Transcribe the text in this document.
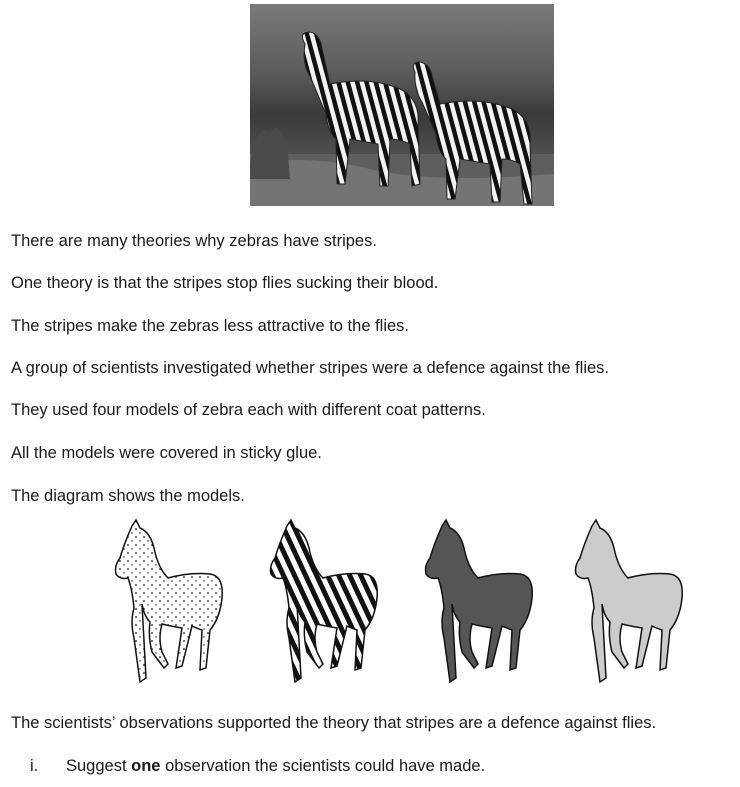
There are many theories why zebras have stripes.

One theory is that the stripes stop flies sucking their blood.

The stripes make the zebras less attractive to the flies.

A group of scientists investigated whether stripes were a defence against the flies.

They used four models of zebra each with different coat patterns.

All the models were covered in sticky glue.

The diagram shows the models.

The scientists’ observations supported the theory that stripes are a defence against flies.

i. Suggest one observation the scientists could have made.
